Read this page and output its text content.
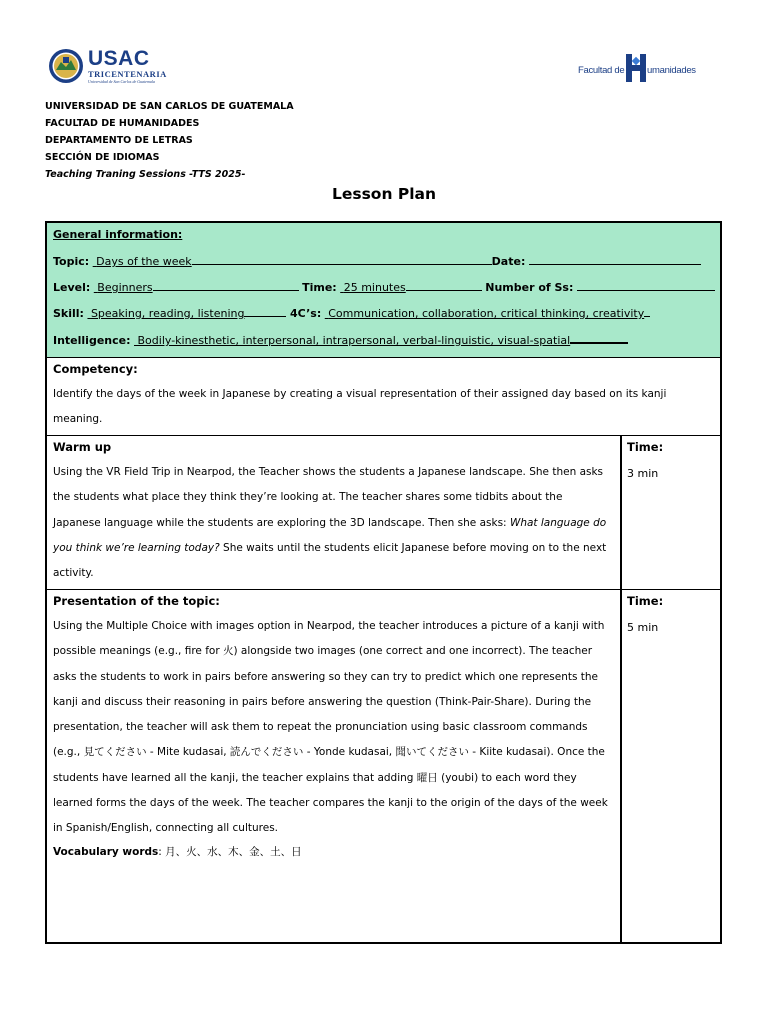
USAC
TRICENTENARIA
Universidad de San Carlos de Guatemala
Facultad de umanidades
UNIVERSIDAD DE SAN CARLOS DE GUATEMALA
FACULTAD DE HUMANIDADES
DEPARTAMENTO DE LETRAS
SECCIÓN DE IDIOMAS
Teaching Traning Sessions -TTS 2025-
Lesson Plan
General information:
Topic: Days of the week	Date:
Level: Beginners	Time: 25 minutes	Number of Ss:
Skill: Speaking, reading, listening	4C’s: Communication, collaboration, critical thinking, creativity
Intelligence: Bodily-kinesthetic, interpersonal, intrapersonal, verbal-linguistic, visual-spatial
Competency:
Identify the days of the week in Japanese by creating a visual representation of their assigned day based on its kanji meaning.
Warm up
Using the VR Field Trip in Nearpod, the Teacher shows the students a Japanese landscape. She then asks the students what place they think they’re looking at. The teacher shares some tidbits about the Japanese language while the students are exploring the 3D landscape. Then she asks: What language do you think we’re learning today? She waits until the students elicit Japanese before moving on to the next activity.
Time:
3 min
Presentation of the topic:
Using the Multiple Choice with images option in Nearpod, the teacher introduces a picture of a kanji with possible meanings (e.g., fire for 火) alongside two images (one correct and one incorrect). The teacher asks the students to work in pairs before answering so they can try to predict which one represents the kanji and discuss their reasoning in pairs before answering the question (Think-Pair-Share). During the presentation, the teacher will ask them to repeat the pronunciation using basic classroom commands (e.g., 見てください - Mite kudasai, 読んでください - Yonde kudasai, 聞いてください - Kiite kudasai). Once the students have learned all the kanji, the teacher explains that adding 曜日 (youbi) to each word they learned forms the days of the week. The teacher compares the kanji to the origin of the days of the week in Spanish/English, connecting all cultures.
Vocabulary words: 月、火、水、木、金、土、日
Time:
5 min
